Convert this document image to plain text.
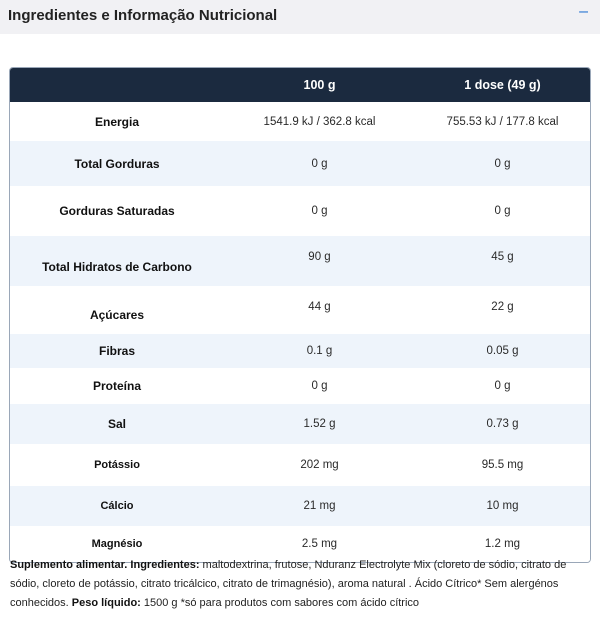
Ingredientes e Informação Nutricional	–
	100 g	1 dose (49 g)
Energia	1541.9 kJ / 362.8 kcal	755.53 kJ / 177.8 kcal
Total Gorduras	0 g	0 g
Gorduras Saturadas	0 g	0 g
Total Hidratos de Carbono	90 g	45 g
Açúcares	44 g	22 g
Fibras	0.1 g	0.05 g
Proteína	0 g	0 g
Sal	1.52 g	0.73 g
Potássio	202 mg	95.5 mg
Cálcio	21 mg	10 mg
Magnésio	2.5 mg	1.2 mg
Suplemento alimentar. Ingredientes: maltodextrina, frutose, Nduranz Electrolyte Mix (cloreto de sódio, citrato de sódio, cloreto de potássio, citrato tricálcico, citrato de trimagnésio), aroma natural . Ácido Cítrico* Sem alergénos conhecidos. Peso líquido: 1500 g *só para produtos com sabores com ácido cítrico
